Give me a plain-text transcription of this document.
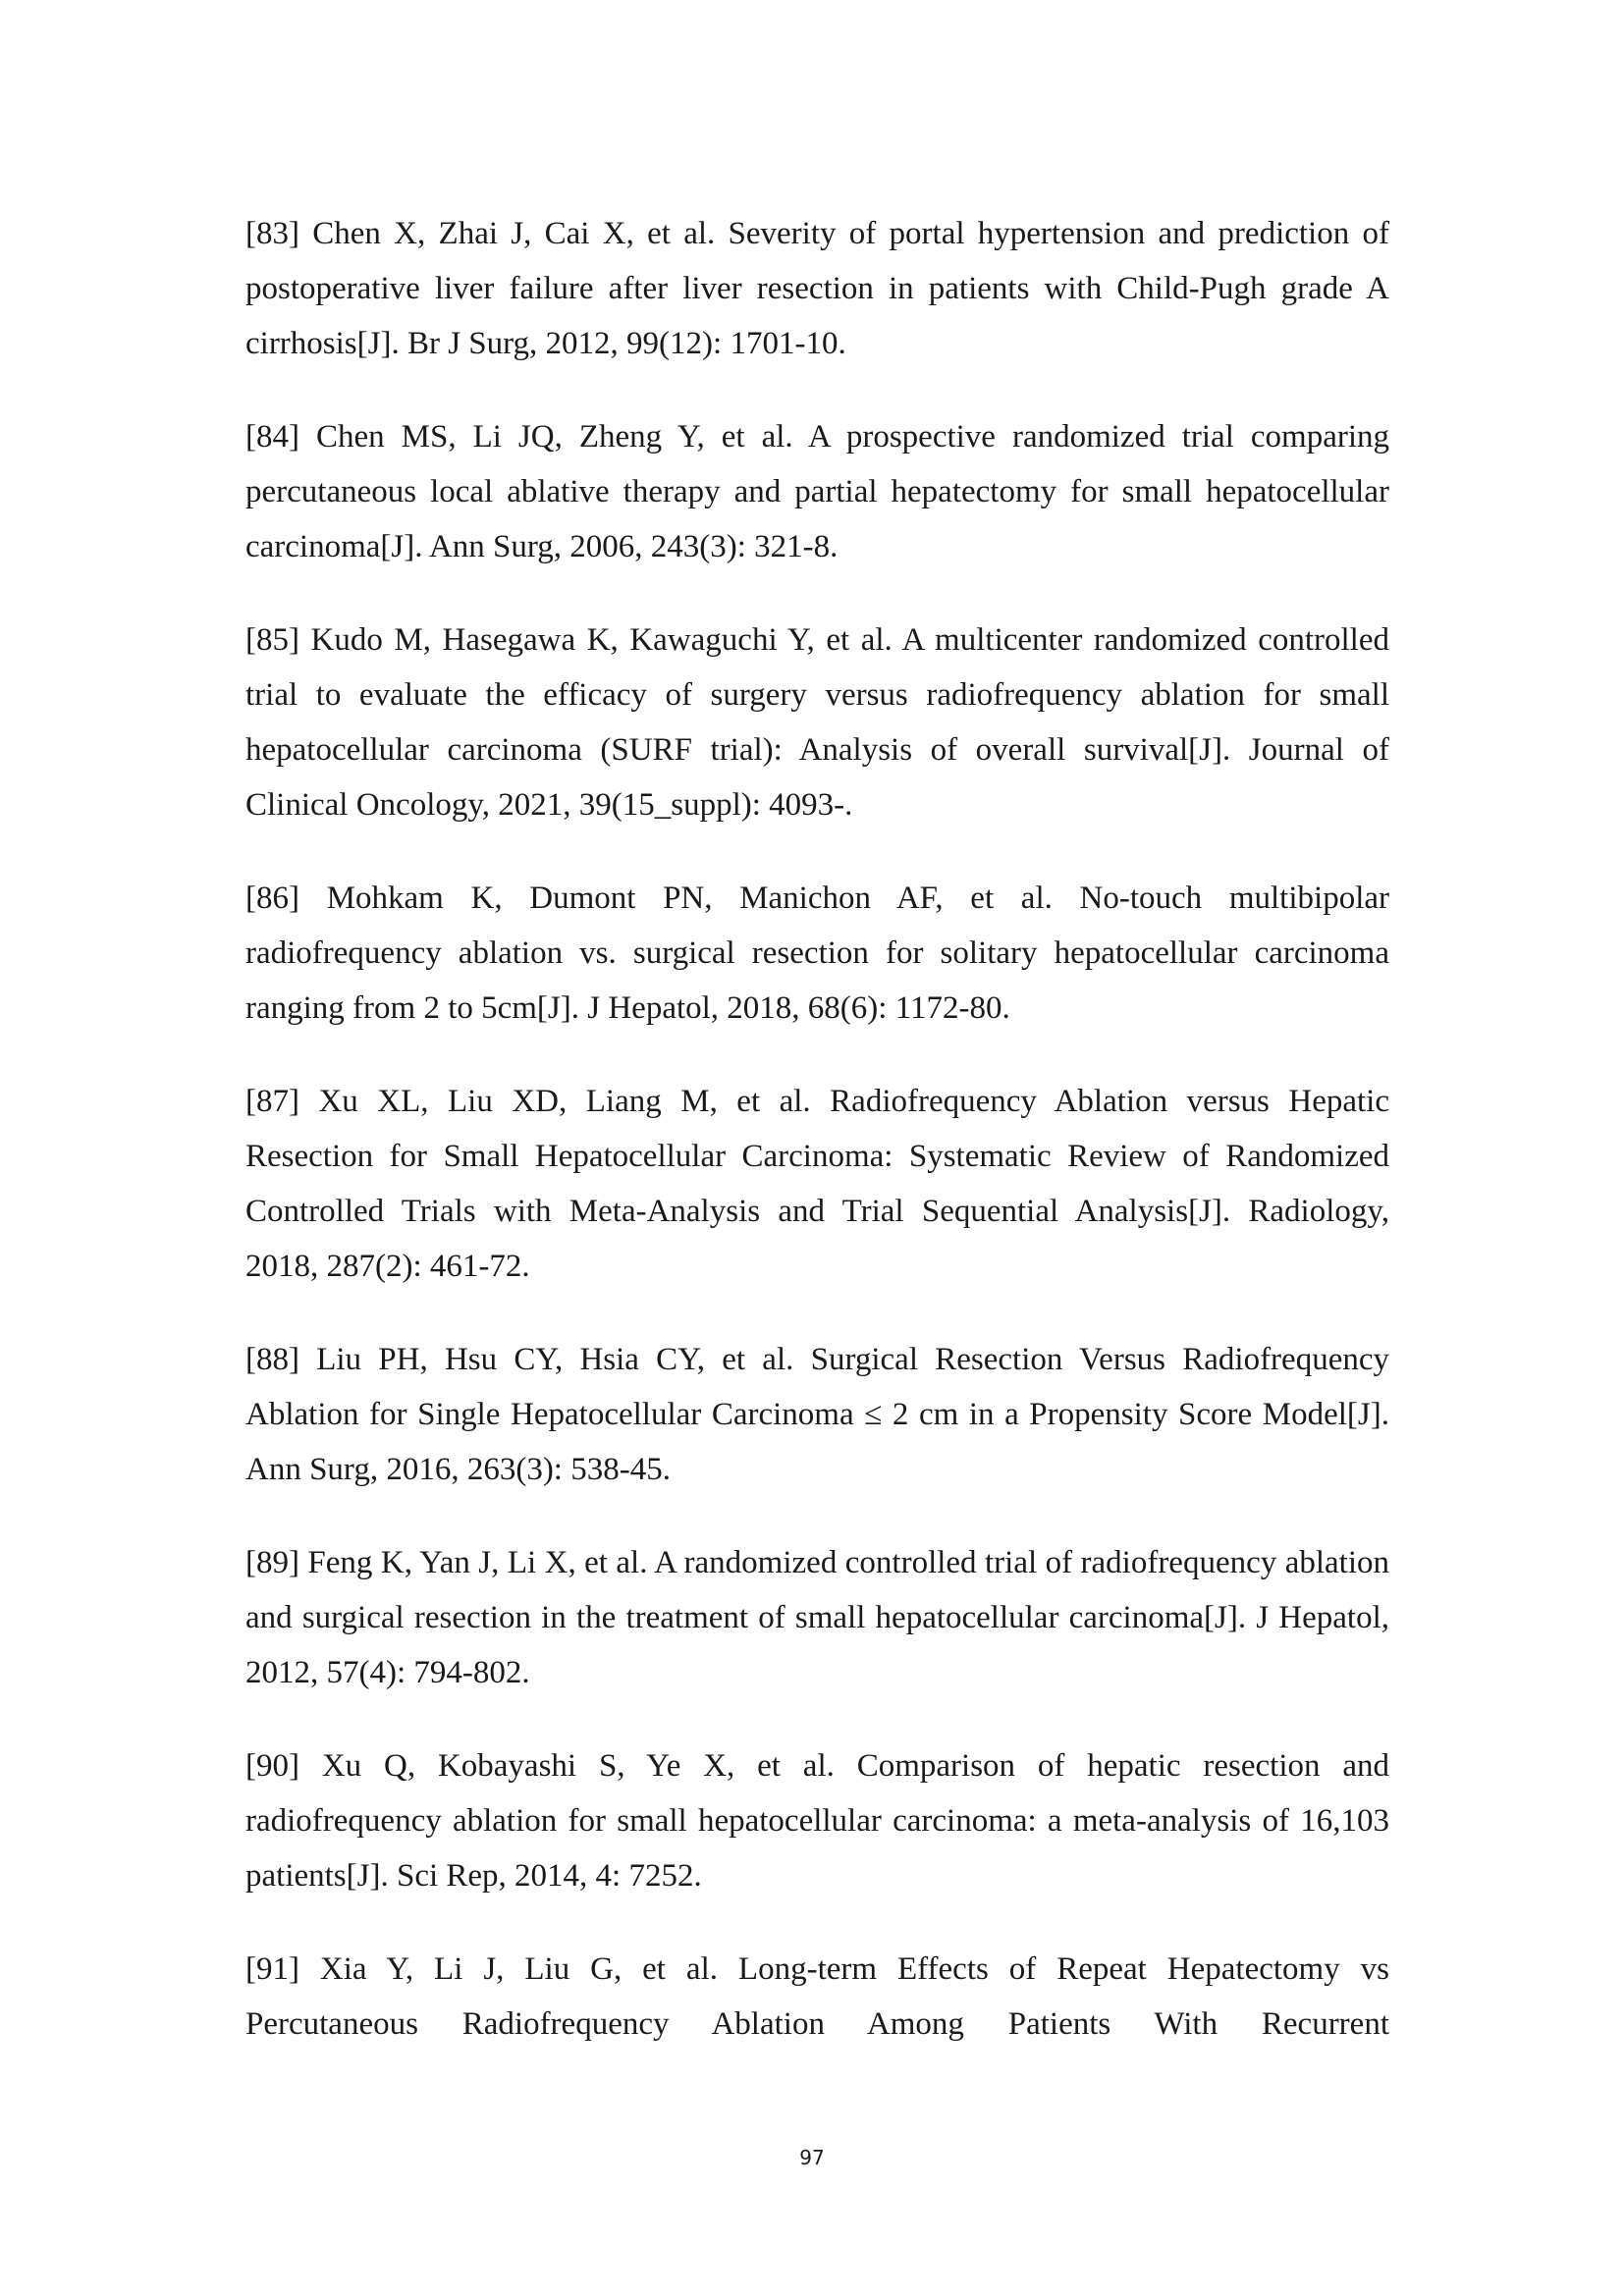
[83] Chen X, Zhai J, Cai X, et al. Severity of portal hypertension and prediction of postoperative liver failure after liver resection in patients with Child-Pugh grade A cirrhosis[J]. Br J Surg, 2012, 99(12): 1701-10.

[84] Chen MS, Li JQ, Zheng Y, et al. A prospective randomized trial comparing percutaneous local ablative therapy and partial hepatectomy for small hepatocellular carcinoma[J]. Ann Surg, 2006, 243(3): 321-8.

[85] Kudo M, Hasegawa K, Kawaguchi Y, et al. A multicenter randomized controlled trial to evaluate the efficacy of surgery versus radiofrequency ablation for small hepatocellular carcinoma (SURF trial): Analysis of overall survival[J]. Journal of Clinical Oncology, 2021, 39(15_suppl): 4093-.

[86] Mohkam K, Dumont PN, Manichon AF, et al. No-touch multibipolar radiofrequency ablation vs. surgical resection for solitary hepatocellular carcinoma ranging from 2 to 5cm[J]. J Hepatol, 2018, 68(6): 1172-80.

[87] Xu XL, Liu XD, Liang M, et al. Radiofrequency Ablation versus Hepatic Resection for Small Hepatocellular Carcinoma: Systematic Review of Randomized Controlled Trials with Meta-Analysis and Trial Sequential Analysis[J]. Radiology, 2018, 287(2): 461-72.

[88] Liu PH, Hsu CY, Hsia CY, et al. Surgical Resection Versus Radiofrequency Ablation for Single Hepatocellular Carcinoma ≤ 2 cm in a Propensity Score Model[J]. Ann Surg, 2016, 263(3): 538-45.

[89] Feng K, Yan J, Li X, et al. A randomized controlled trial of radiofrequency ablation and surgical resection in the treatment of small hepatocellular carcinoma[J]. J Hepatol, 2012, 57(4): 794-802.

[90] Xu Q, Kobayashi S, Ye X, et al. Comparison of hepatic resection and radiofrequency ablation for small hepatocellular carcinoma: a meta-analysis of 16,103 patients[J]. Sci Rep, 2014, 4: 7252.

[91] Xia Y, Li J, Liu G, et al. Long-term Effects of Repeat Hepatectomy vs Percutaneous Radiofrequency Ablation Among Patients With Recurrent

97
